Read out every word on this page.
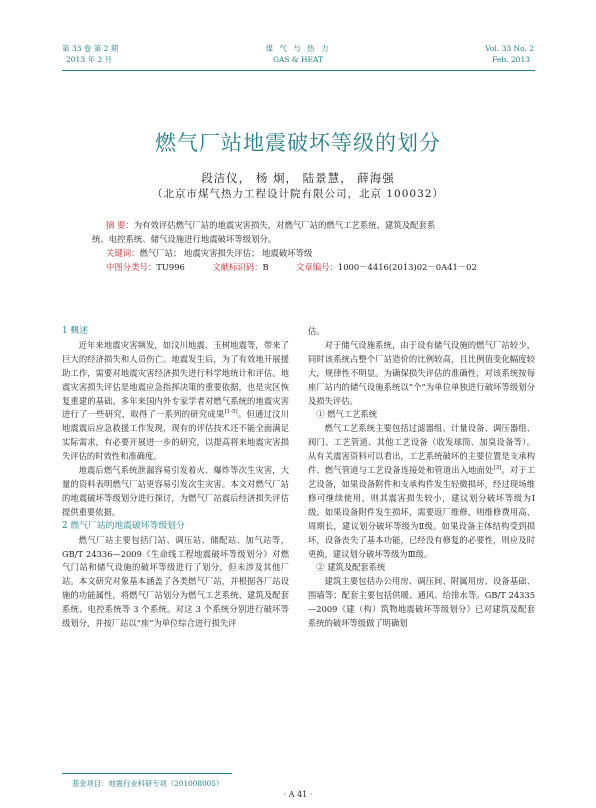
第 33 卷 第 2 期
2013 年 2 月
煤 气 与 热 力
GAS & HEAT
Vol. 33 No. 2
Feb. 2013
燃气厂站地震破坏等级的划分
段洁仪， 杨 炯， 陆景慧， 薛海强
（北京市煤气热力工程设计院有限公司，北京 100032）
摘 要：为有效评估燃气厂站的地震灾害损失，对燃气厂站的燃气工艺系统、建筑及配套系
统、电控系统、储气设施进行地震破坏等级划分。
关键词：燃气厂站； 地震灾害损失评估； 地震破坏等级
中图分类号：TU996	文献标识码：B	文章编号：1000－4416(2013)02－0A41－02

1 概述

近年来地震灾害频发，如汶川地震、玉树地震等，带来了巨大的经济损失和人员伤亡。地震发生后，为了有效地开展援助工作，需要对地震灾害经济损失进行科学地统计和评估。地震灾害损失评估是地震应急指挥决策的重要依据，也是灾区恢复重建的基础。多年来国内外专家学者对燃气系统的地震灾害进行了一些研究，取得了一系列的研究成果[1-5]。但通过汶川地震震后应急救援工作发现，现有的评估技术还不能全面满足实际需求，有必要开展进一步的研究，以提高将来地震灾害损失评估的时效性和准确度。

地震后燃气系统泄漏容易引发着火、爆炸等次生灾害，大量的资料表明燃气厂站更容易引发次生灾害。本文对燃气厂站的地震破坏等级划分进行探讨，为燃气厂站震后经济损失评估提供重要依据。

2 燃气厂站的地震破坏等级划分

燃气厂站主要包括门站、调压站、储配站、加气站等，GB/T 24336—2009《生命线工程地震破坏等级划分》对燃气门站和储气设施的破坏等级进行了划分，但未涉及其他厂站。本文研究对象基本涵盖了各类燃气厂站，并根据各厂站设施的功能属性，将燃气厂站划分为燃气工艺系统、建筑及配套系统、电控系统等 3 个系统。对这 3 个系统分别进行破坏等级划分，并按厂站以“座”为单位综合进行损失评

估。

对于储气设施系统，由于设有储气设施的燃气厂站较少，同时该系统占整个厂站造价的比例较高，且比例值变化幅度较大，规律性不明显。为确保损失评估的准确性，对该系统按每座厂站内的储气设施系统以“个”为单位单独进行破坏等级划分及损失评估。

① 燃气工艺系统

燃气工艺系统主要包括过滤器组、计量设备、调压器组、阀门、工艺管道、其他工艺设备（收发球筒、加臭设备等）。从有关震害资料可以看出，工艺系统破坏的主要位置是支承构件、燃气管道与工艺设备连接处和管道出入地面处[3]。对于工艺设备，如果设备附件和支承构件发生轻微损坏，经过现场维修可继续使用，则其震害损失较小，建议划分破坏等级为Ⅰ级。如果设备附件发生损坏，需要返厂维修，则维修费用高、周期长，建议划分破坏等级为Ⅱ级。如果设备主体结构受到损坏，设备丧失了基本功能，已经没有修复的必要性，则应及时更换，建议划分破坏等级为Ⅲ级。

② 建筑及配套系统

建筑主要包括办公用房、调压间、附属用房、设备基础、围墙等；配套主要包括供暖、通风、给排水等。GB/T 24335—2009《建（构）筑物地震破坏等级划分》已对建筑及配套系统的破坏等级做了明确划

基金项目：地震行业科研专项（201008005）
· A 41 ·
